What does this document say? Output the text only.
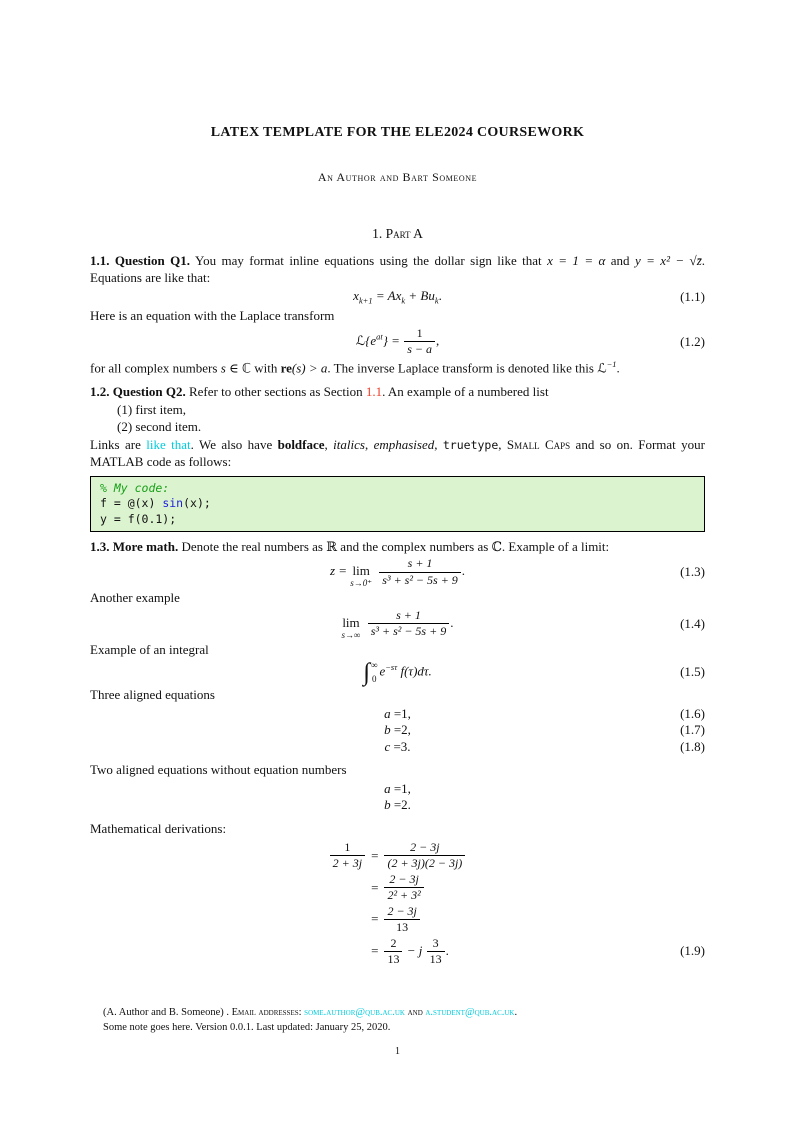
LATEX TEMPLATE FOR THE ELE2024 COURSEWORK
An Author and Bart Someone
1. Part A

1.1. Question Q1. You may format inline equations using the dollar sign like that x = 1 = α and y = x² − √z̄. Equations are like that:

$x_{k+1} = Ax_k + Bu_k$.	(1.1)

Here is an equation with the Laplace transform

$ℒ\{e^{at}\} = \frac{1}{s - a}$ ,	(1.2)

for all complex numbers s ∈ ℂ with re(s) > a. The inverse Laplace transform is denoted like this ℒ$^{-1}$.

1.2. Question Q2. Refer to other sections as Section 1.1. An example of a numbered list

(1) first item,
(2) second item.

Links are like that. We also have boldface, italics, emphasised, truetype, Small Caps and so on. Format your MATLAB code as follows:

% My code:
f = @(x) sin(x);
y = f(0.1);

1.3. More math. Denote the real numbers as ℝ and the complex numbers as ℂ. Example of a limit:

z = lim
s→0⁺
$\frac{s + 1}{\text{s³ + s² − 5s + 9}}$ .	(1.3)

Another example

lim
s→∞
$\frac{s + 1}{\text{s³ + s² − 5s + 9}}$ .	(1.4)

Example of an integral

∫ ∞
0
$e^{-s\tau}$ f(τ)dτ.	(1.5)

Three aligned equations

a =1,	(1.6)
b =2,	(1.7)
c =3.	(1.8)

Two aligned equations without equation numbers

a =1,
b =2.

Mathematical derivations:

$\frac{1}{2 + 3j}$	=	$\frac{2 - 3j}{(2 + 3j)(2 - 3j)}$

	=	$\frac{2 - 3j}{\text{2² + 3²}}$

	=	$\frac{2 - 3j}{13}$

	=	$\frac{2}{13} - j \frac{3}{13}$ .	(1.9)
(A. Author and B. Someone) . Email addresses: some.author@qub.ac.uk and a.student@qub.ac.uk.
Some note goes here. Version 0.0.1. Last updated: January 25, 2020.
1
